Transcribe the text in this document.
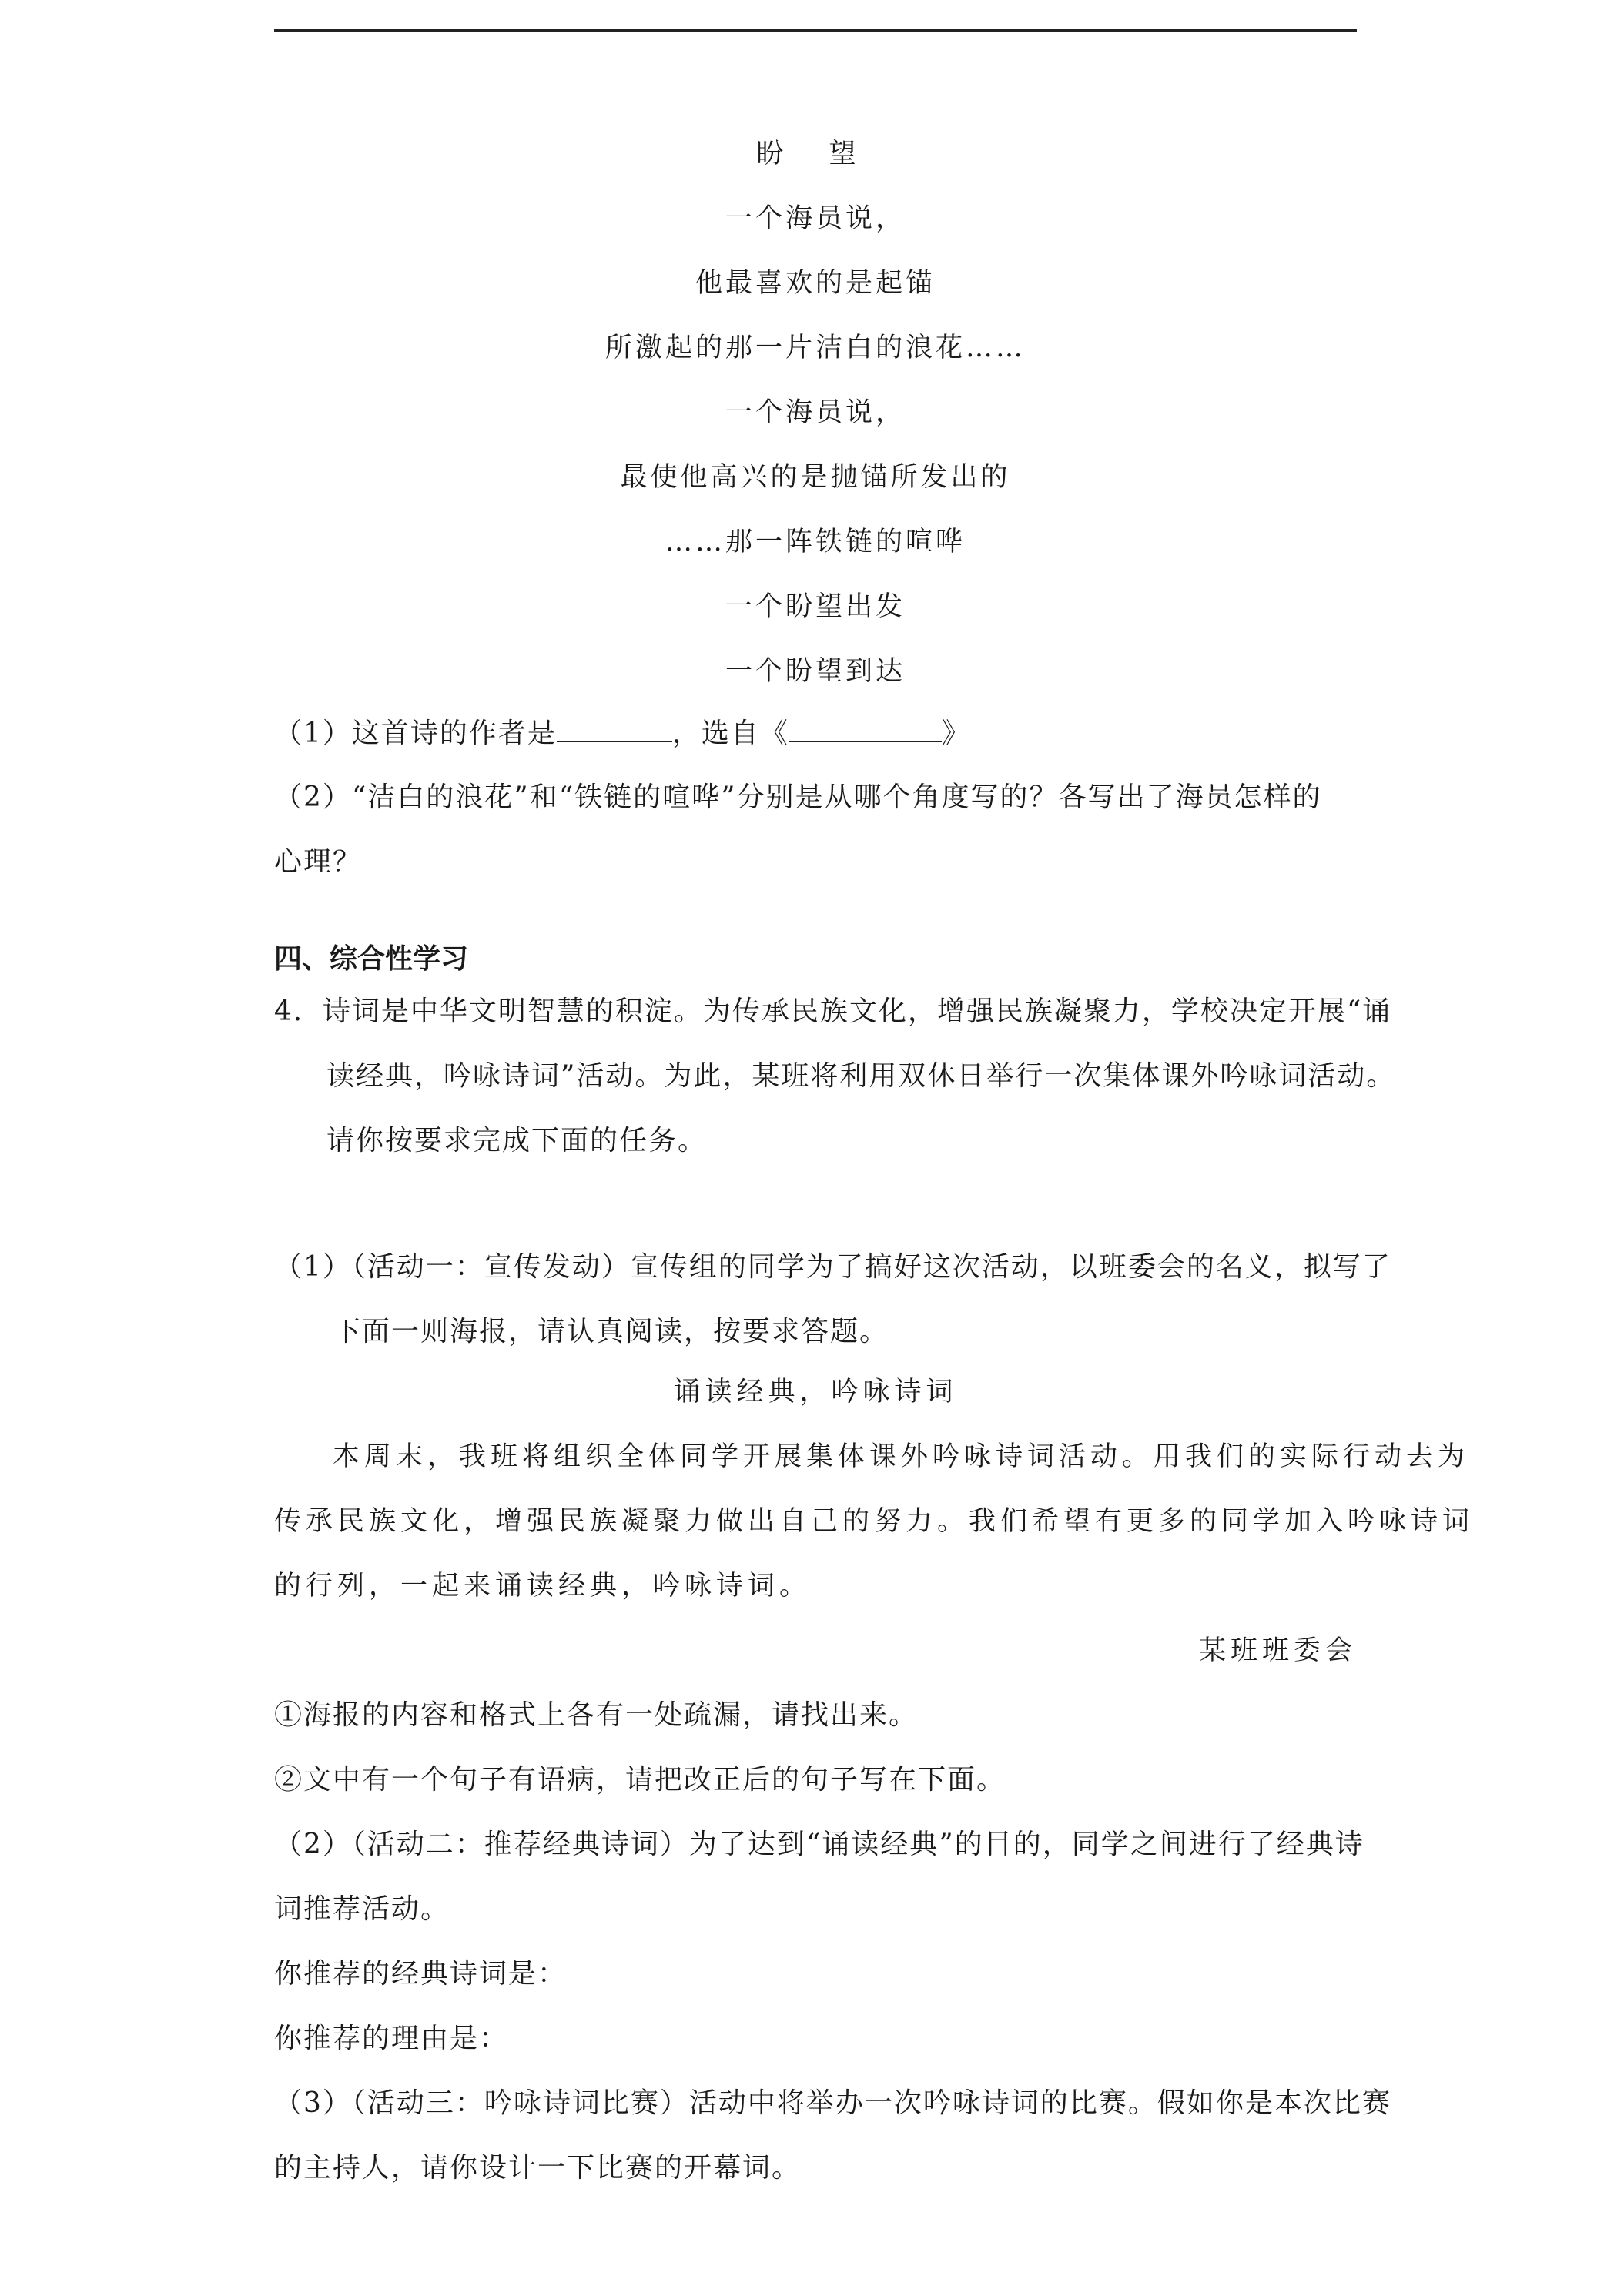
盼 望
一个海员说，
他最喜欢的是起锚
所激起的那一片洁白的浪花……
一个海员说，
最使他高兴的是抛锚所发出的
……那一阵铁链的喧哗
一个盼望出发
一个盼望到达
（1）这首诗的作者是	，选自《	》
（2）“洁白的浪花”和“铁链的喧哗”分别是从哪个角度写的？各写出了海员怎样的
心理？
四、综合性学习
4．诗词是中华文明智慧的积淀。为传承民族文化，增强民族凝聚力，学校决定开展“诵
读经典，吟咏诗词”活动。为此，某班将利用双休日举行一次集体课外吟咏词活动。
请你按要求完成下面的任务。
（1）（活动一：宣传发动）宣传组的同学为了搞好这次活动，以班委会的名义，拟写了
下面一则海报，请认真阅读，按要求答题。
诵读经典，吟咏诗词
本周末，我班将组织全体同学开展集体课外吟咏诗词活动。用我们的实际行动去为
传承民族文化，增强民族凝聚力做出自己的努力。我们希望有更多的同学加入吟咏诗词
的行列，一起来诵读经典，吟咏诗词。
某班班委会
①海报的内容和格式上各有一处疏漏，请找出来。
②文中有一个句子有语病，请把改正后的句子写在下面。
（2）（活动二：推荐经典诗词）为了达到“诵读经典”的目的，同学之间进行了经典诗
词推荐活动。
你推荐的经典诗词是：
你推荐的理由是：
（3）（活动三：吟咏诗词比赛）活动中将举办一次吟咏诗词的比赛。假如你是本次比赛
的主持人，请你设计一下比赛的开幕词。
